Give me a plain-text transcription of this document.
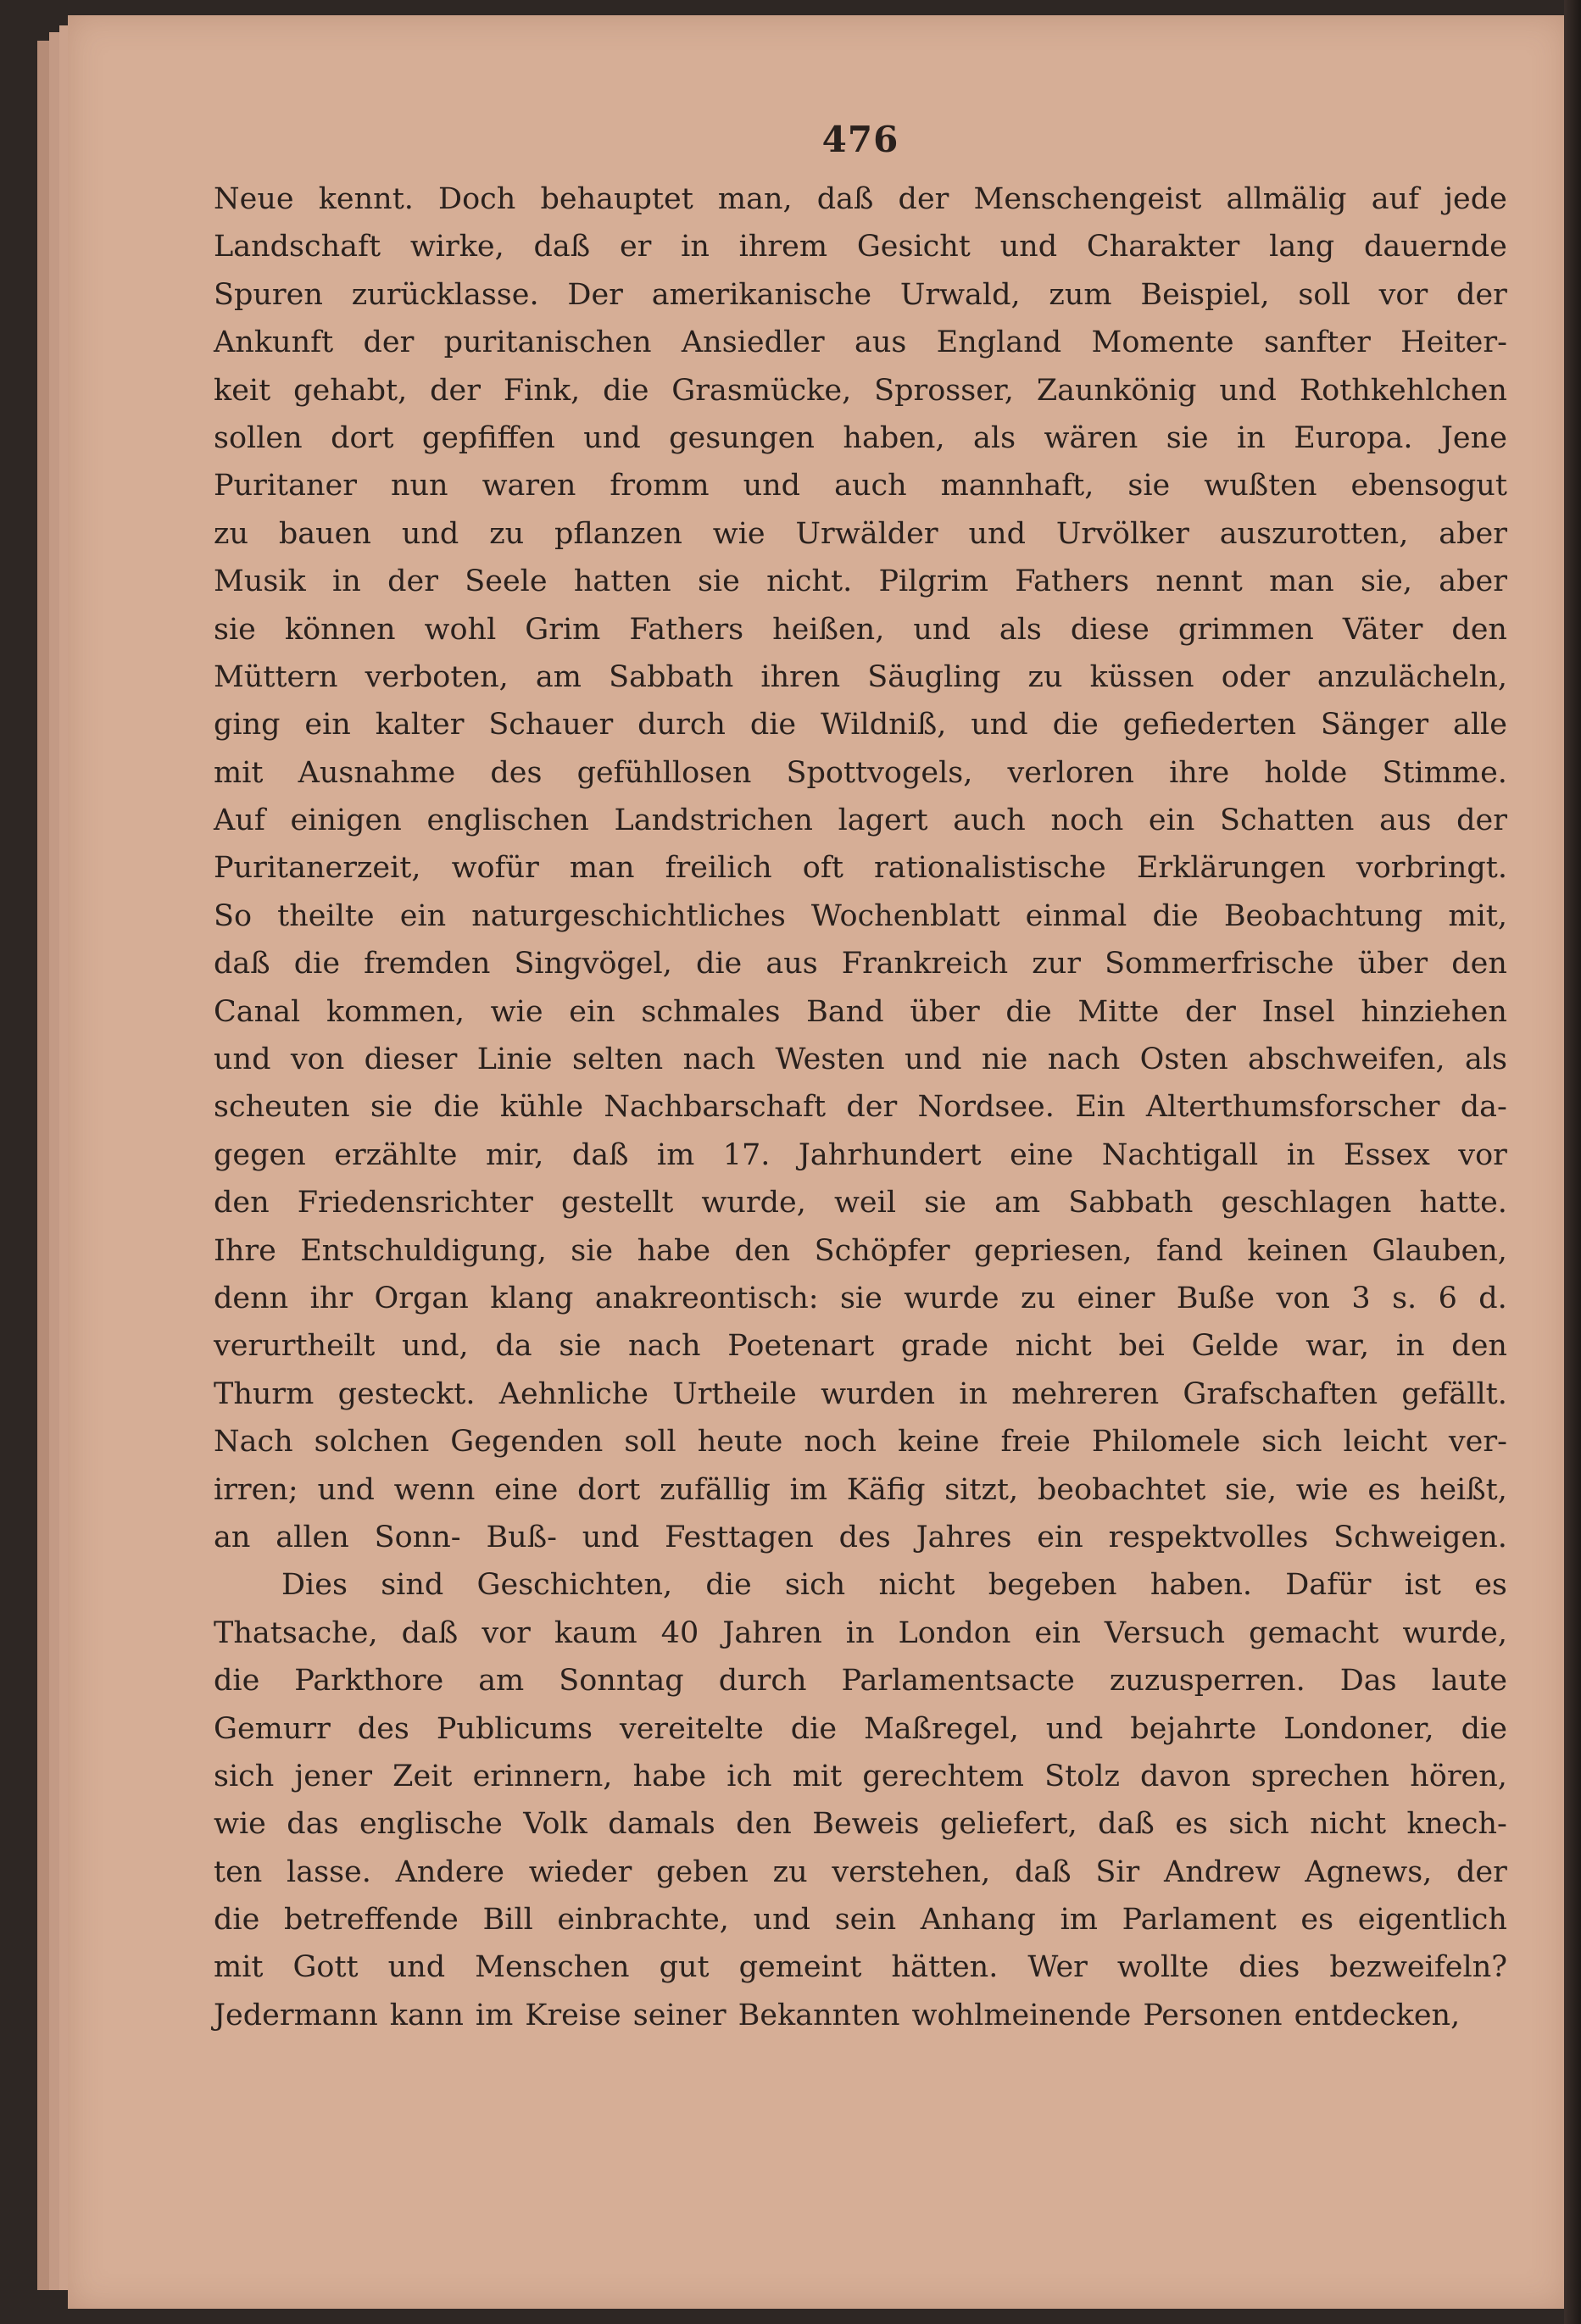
476
Neue kennt. Doch behauptet man, daß der Menschengeist allmälig auf jede
Landschaft wirke, daß er in ihrem Gesicht und Charakter lang dauernde
Spuren zurücklasse. Der amerikanische Urwald, zum Beispiel, soll vor der
Ankunft der puritanischen Ansiedler aus England Momente sanfter Heiter-
keit gehabt, der Fink, die Grasmücke, Sprosser, Zaunkönig und Rothkehlchen
sollen dort gepfiffen und gesungen haben, als wären sie in Europa. Jene
Puritaner nun waren fromm und auch mannhaft, sie wußten ebensogut
zu bauen und zu pflanzen wie Urwälder und Urvölker auszurotten, aber
Musik in der Seele hatten sie nicht. Pilgrim Fathers nennt man sie, aber
sie können wohl Grim Fathers heißen, und als diese grimmen Väter den
Müttern verboten, am Sabbath ihren Säugling zu küssen oder anzulächeln,
ging ein kalter Schauer durch die Wildniß, und die gefiederten Sänger alle
mit Ausnahme des gefühllosen Spottvogels, verloren ihre holde Stimme.
Auf einigen englischen Landstrichen lagert auch noch ein Schatten aus der
Puritanerzeit, wofür man freilich oft rationalistische Erklärungen vorbringt.
So theilte ein naturgeschichtliches Wochenblatt einmal die Beobachtung mit,
daß die fremden Singvögel, die aus Frankreich zur Sommerfrische über den
Canal kommen, wie ein schmales Band über die Mitte der Insel hinziehen
und von dieser Linie selten nach Westen und nie nach Osten abschweifen, als
scheuten sie die kühle Nachbarschaft der Nordsee. Ein Alterthumsforscher da-
gegen erzählte mir, daß im 17. Jahrhundert eine Nachtigall in Essex vor
den Friedensrichter gestellt wurde, weil sie am Sabbath geschlagen hatte.
Ihre Entschuldigung, sie habe den Schöpfer gepriesen, fand keinen Glauben,
denn ihr Organ klang anakreontisch: sie wurde zu einer Buße von 3 s. 6 d.
verurtheilt und, da sie nach Poetenart grade nicht bei Gelde war, in den
Thurm gesteckt. Aehnliche Urtheile wurden in mehreren Grafschaften gefällt.
Nach solchen Gegenden soll heute noch keine freie Philomele sich leicht ver-
irren; und wenn eine dort zufällig im Käfig sitzt, beobachtet sie, wie es heißt,
an allen Sonn- Buß- und Festtagen des Jahres ein respektvolles Schweigen.
Dies sind Geschichten, die sich nicht begeben haben. Dafür ist es
Thatsache, daß vor kaum 40 Jahren in London ein Versuch gemacht wurde,
die Parkthore am Sonntag durch Parlamentsacte zuzusperren. Das laute
Gemurr des Publicums vereitelte die Maßregel, und bejahrte Londoner, die
sich jener Zeit erinnern, habe ich mit gerechtem Stolz davon sprechen hören,
wie das englische Volk damals den Beweis geliefert, daß es sich nicht knech-
ten lasse. Andere wieder geben zu verstehen, daß Sir Andrew Agnews, der
die betreffende Bill einbrachte, und sein Anhang im Parlament es eigentlich
mit Gott und Menschen gut gemeint hätten. Wer wollte dies bezweifeln?
Jedermann kann im Kreise seiner Bekannten wohlmeinende Personen entdecken,
